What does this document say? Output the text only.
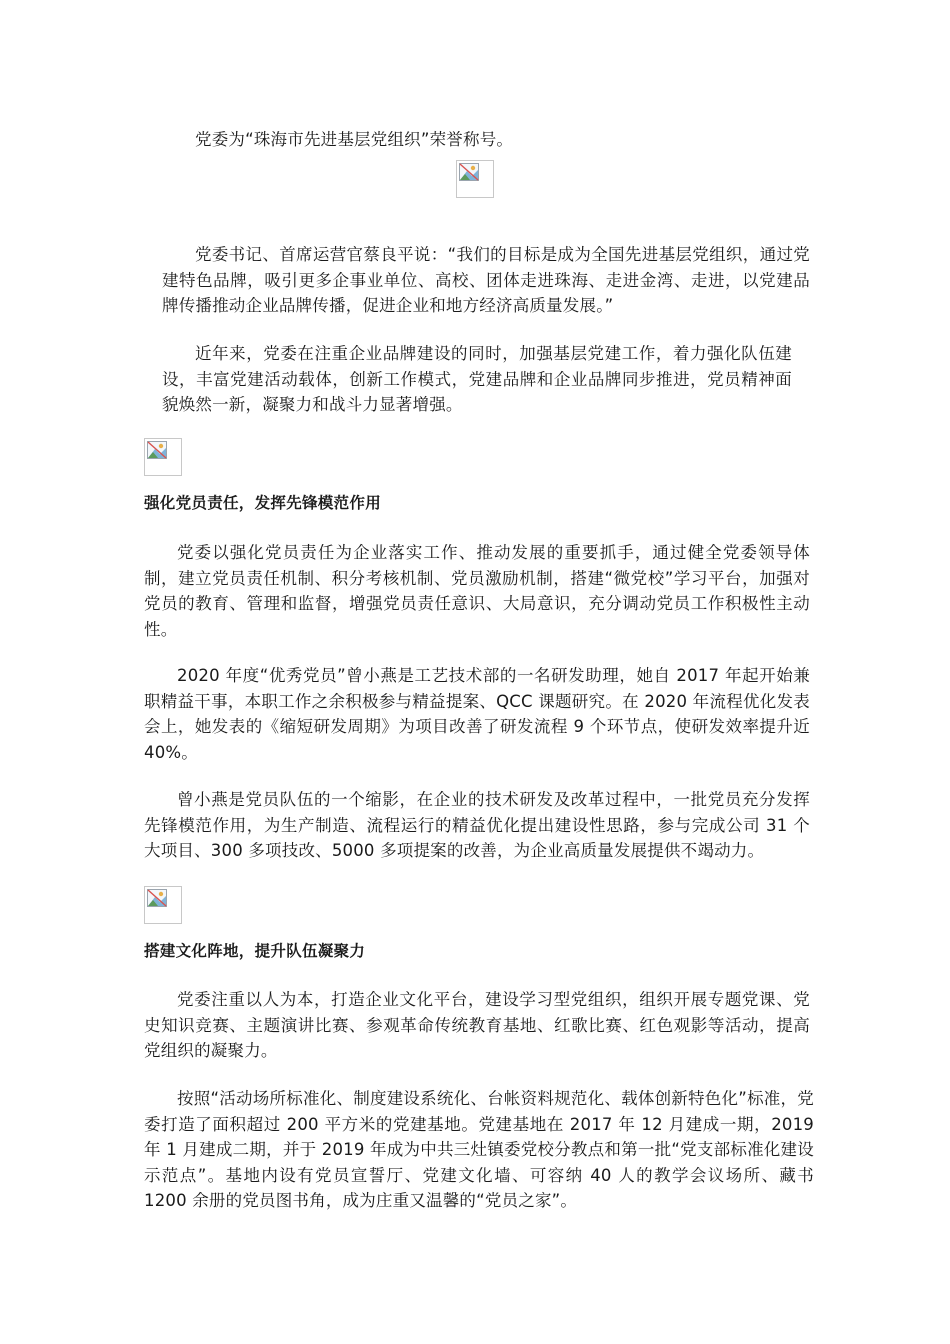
党委为“珠海市先进基层党组织”荣誉称号。

党委书记、首席运营官蔡良平说：“我们的目标是成为全国先进基层党组织，通过党建特色品牌，吸引更多企事业单位、高校、团体走进珠海、走进金湾、走进，以党建品牌传播推动企业品牌传播，促进企业和地方经济高质量发展。”

近年来，党委在注重企业品牌建设的同时，加强基层党建工作，着力强化队伍建设，丰富党建活动载体，创新工作模式，党建品牌和企业品牌同步推进，党员精神面貌焕然一新，凝聚力和战斗力显著增强。

强化党员责任，发挥先锋模范作用

党委以强化党员责任为企业落实工作、推动发展的重要抓手，通过健全党委领导体制，建立党员责任机制、积分考核机制、党员激励机制，搭建“微党校”学习平台，加强对党员的教育、管理和监督，增强党员责任意识、大局意识，充分调动党员工作积极性主动性。

2020 年度“优秀党员”曾小燕是工艺技术部的一名研发助理，她自 2017 年起开始兼职精益干事，本职工作之余积极参与精益提案、QCC 课题研究。在 2020 年流程优化发表会上，她发表的《缩短研发周期》为项目改善了研发流程 9 个环节点，使研发效率提升近 40%。

曾小燕是党员队伍的一个缩影，在企业的技术研发及改革过程中，一批党员充分发挥先锋模范作用，为生产制造、流程运行的精益优化提出建设性思路，参与完成公司 31 个大项目、300 多项技改、5000 多项提案的改善，为企业高质量发展提供不竭动力。

搭建文化阵地，提升队伍凝聚力

党委注重以人为本，打造企业文化平台，建设学习型党组织，组织开展专题党课、党史知识竞赛、主题演讲比赛、参观革命传统教育基地、红歌比赛、红色观影等活动，提高党组织的凝聚力。

按照“活动场所标准化、制度建设系统化、台帐资料规范化、载体创新特色化”标准，党委打造了面积超过 200 平方米的党建基地。党建基地在 2017 年 12 月建成一期，2019 年 1 月建成二期，并于 2019 年成为中共三灶镇委党校分教点和第一批“党支部标准化建设示范点”。基地内设有党员宣誓厅、党建文化墙、可容纳 40 人的教学会议场所、藏书 1200 余册的党员图书角，成为庄重又温馨的“党员之家”。
